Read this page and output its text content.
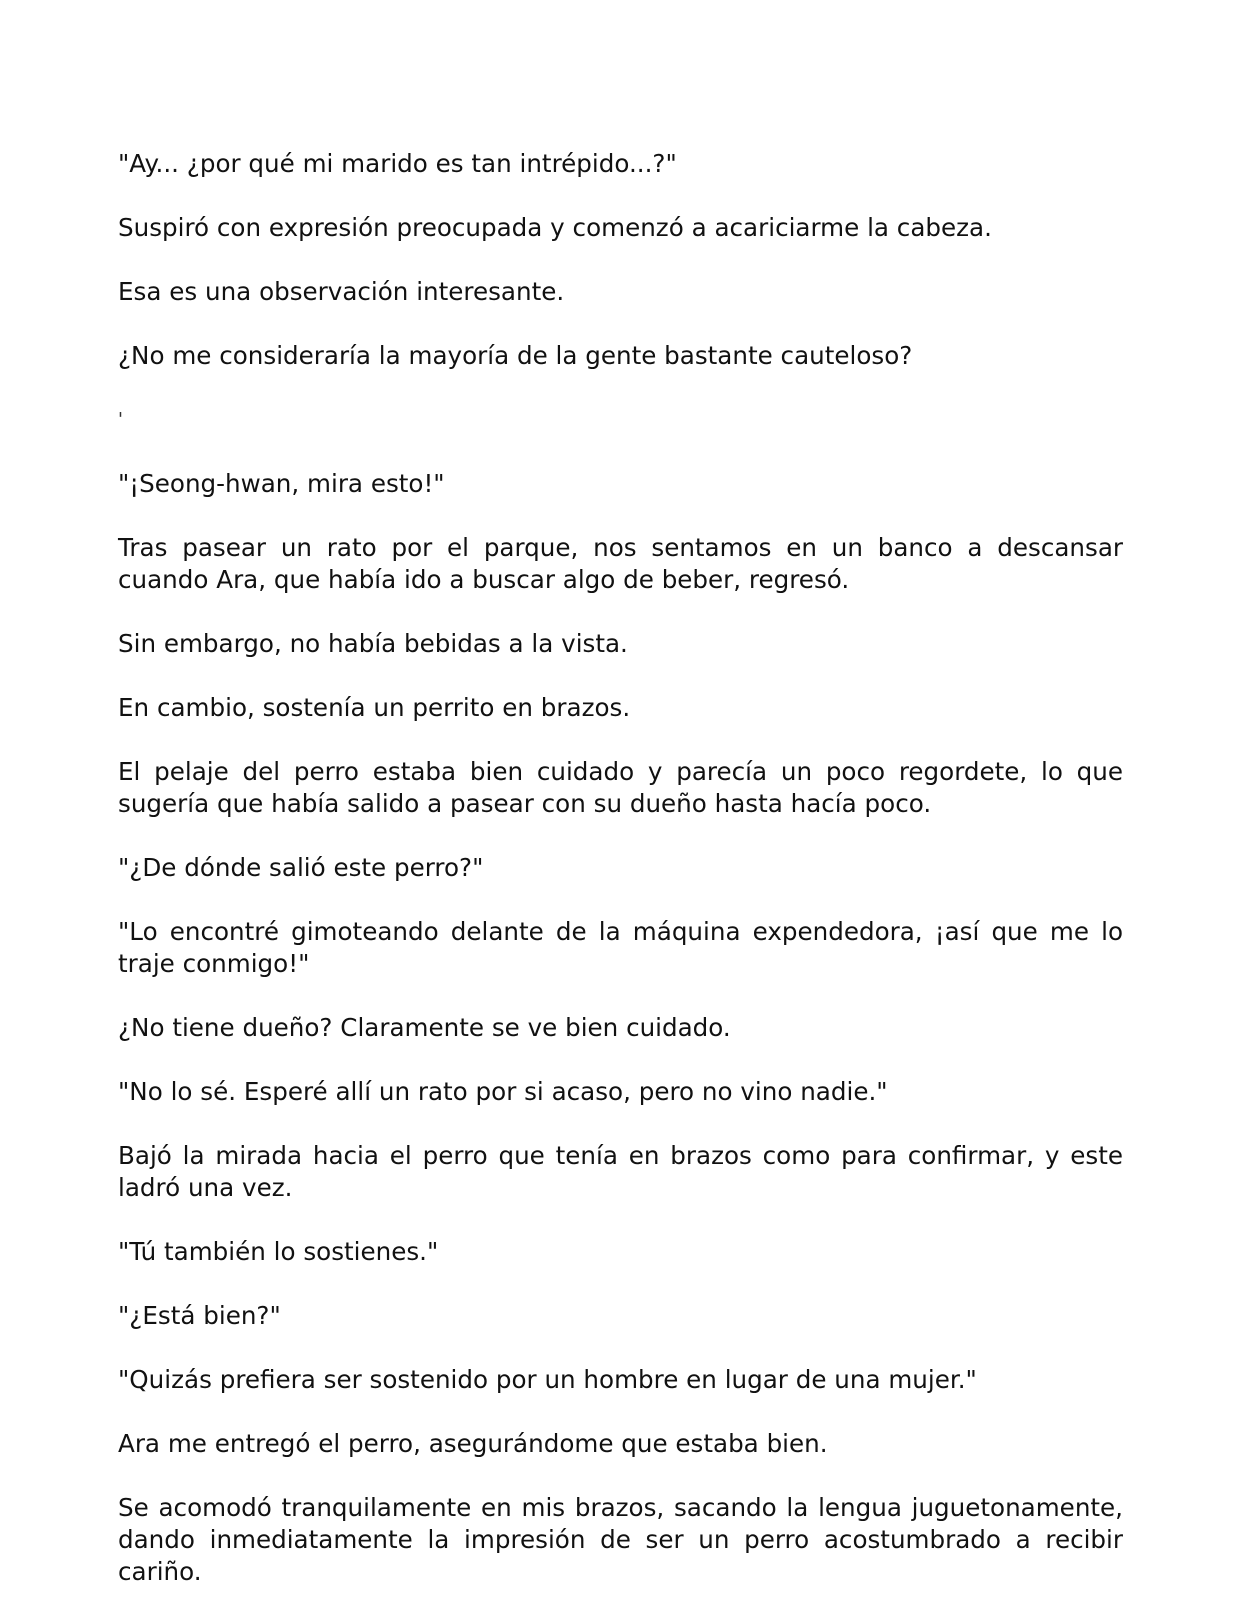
"Ay... ¿por qué mi marido es tan intrépido...?"

Suspiró con expresión preocupada y comenzó a acariciarme la cabeza.

Esa es una observación interesante.

¿No me consideraría la mayoría de la gente bastante cauteloso?

'

"¡Seong-hwan, mira esto!"

Tras pasear un rato por el parque, nos sentamos en un banco a descansar cuando Ara, que había ido a buscar algo de beber, regresó.

Sin embargo, no había bebidas a la vista.

En cambio, sostenía un perrito en brazos.

El pelaje del perro estaba bien cuidado y parecía un poco regordete, lo que sugería que había salido a pasear con su dueño hasta hacía poco.

"¿De dónde salió este perro?"

"Lo encontré gimoteando delante de la máquina expendedora, ¡así que me lo traje conmigo!"

¿No tiene dueño? Claramente se ve bien cuidado.

"No lo sé. Esperé allí un rato por si acaso, pero no vino nadie."

Bajó la mirada hacia el perro que tenía en brazos como para confirmar, y este ladró una vez.

"Tú también lo sostienes."

"¿Está bien?"

"Quizás prefiera ser sostenido por un hombre en lugar de una mujer."

Ara me entregó el perro, asegurándome que estaba bien.

Se acomodó tranquilamente en mis brazos, sacando la lengua juguetonamente, dando inmediatamente la impresión de ser un perro acostumbrado a recibir cariño.
